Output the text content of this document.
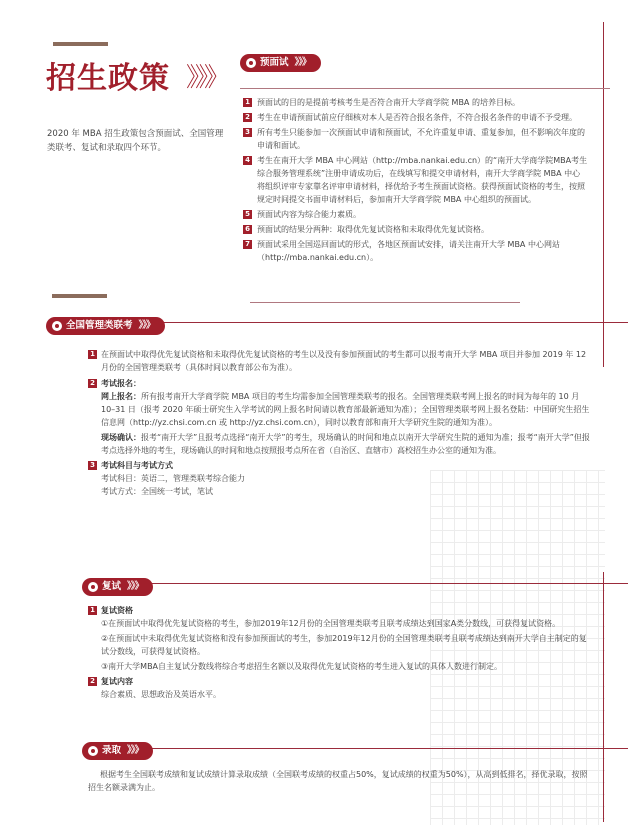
招生政策 》》》
2020 年 MBA 招生政策包含预面试、全国管理类联考、复试和录取四个环节。
预面试 》》》
1 预面试的目的是提前考核考生是否符合南开大学商学院 MBA 的培养目标。
2 考生在申请预面试前应仔细核对本人是否符合报名条件，不符合报名条件的申请不予受理。
3 所有考生只能参加一次预面试申请和预面试，不允许重复申请、重复参加，但不影响次年度的申请和面试。
4 考生在南开大学 MBA 中心网站（http://mba.nankai.edu.cn）的“南开大学商学院MBA考生综合服务管理系统”注册申请成功后，在线填写和提交申请材料，南开大学商学院 MBA 中心将组织评审专家靠名评审申请材料，择优给予考生预面试资格。获得预面试资格的考生，按照规定时间提交书面申请材料后，参加南开大学商学院 MBA 中心组织的预面试。
5 预面试内容为综合能力素质。
6 预面试的结果分两种：取得优先复试资格和未取得优先复试资格。
7 预面试采用全国巡回面试的形式，各地区预面试安排，请关注南开大学 MBA 中心网站（http://mba.nankai.edu.cn）。
全国管理类联考 》》》
1 在预面试中取得优先复试资格和未取得优先复试资格的考生以及没有参加预面试的考生都可以报考南开大学 MBA 项目并参加 2019 年 12 月份的全国管理类联考（具体时间以教育部公布为准）。
2 考试报名：
网上报名：所有报考南开大学商学院 MBA 项目的考生均需参加全国管理类联考的报名。全国管理类联考网上报名的时间为每年的 10 月 10–31 日（报考 2020 年硕士研究生入学考试的网上报名时间请以教育部最新通知为准）；全国管理类联考网上报名登陆：中国研究生招生信息网（http://yz.chsi.com.cn 或 http://yz.chsi.com.cn），同时以教育部和南开大学研究生院的通知为准）。
现场确认：报考“南开大学”且报考点选择“南开大学”的考生，现场确认的时间和地点以南开大学研究生院的通知为准；报考“南开大学”但报考点选择外地的考生，现场确认的时间和地点按照报考点所在省（自治区、直辖市）高校招生办公室的通知为准。
3 考试科目与考试方式
考试科目：英语二，管理类联考综合能力
考试方式：全国统一考试，笔试
复试 》》》
1 复试资格
①在预面试中取得优先复试资格的考生，参加2019年12月份的全国管理类联考且联考成绩达到国家A类分数线，可获得复试资格。
②在预面试中未取得优先复试资格和没有参加预面试的考生，参加2019年12月份的全国管理类联考且联考成绩达到南开大学自主制定的复试分数线，可获得复试资格。
③南开大学MBA自主复试分数线将综合考虑招生名额以及取得优先复试资格的考生进入复试的具体人数进行制定。
2 复试内容
综合素质、思想政治及英语水平。
录取 》》》
根据考生全国联考成绩和复试成绩计算录取成绩（全国联考成绩的权重占50%，复试成绩的权重为50%），从高到低排名，择优录取，按照招生名额录满为止。
